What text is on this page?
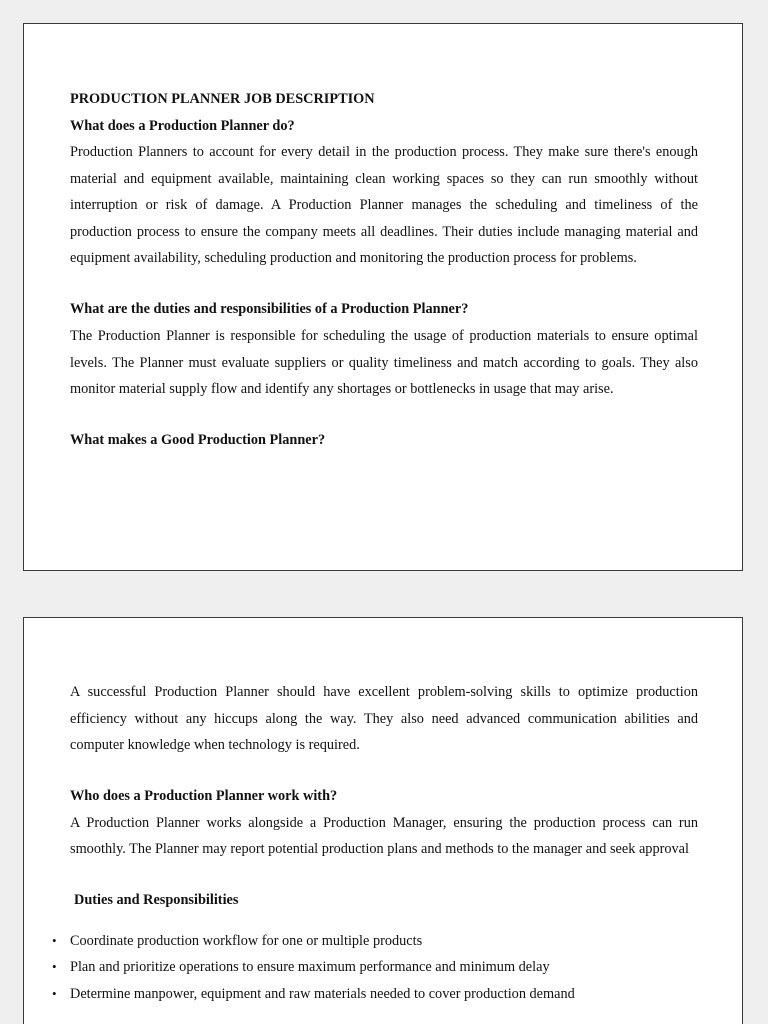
PRODUCTION PLANNER JOB DESCRIPTION

What does a Production Planner do?

Production Planners to account for every detail in the production process. They make sure there's enough material and equipment available, maintaining clean working spaces so they can run smoothly without interruption or risk of damage. A Production Planner manages the scheduling and timeliness of the production process to ensure the company meets all deadlines. Their duties include managing material and equipment availability, scheduling production and monitoring the production process for problems.

What are the duties and responsibilities of a Production Planner?

The Production Planner is responsible for scheduling the usage of production materials to ensure optimal levels. The Planner must evaluate suppliers or quality timeliness and match according to goals. They also monitor material supply flow and identify any shortages or bottlenecks in usage that may arise.

What makes a Good Production Planner?

A successful Production Planner should have excellent problem-solving skills to optimize production efficiency without any hiccups along the way. They also need advanced communication abilities and computer knowledge when technology is required.

Who does a Production Planner work with?

A Production Planner works alongside a Production Manager, ensuring the production process can run smoothly. The Planner may report potential production plans and methods to the manager and seek approval

Duties and Responsibilities

• Coordinate production workflow for one or multiple products
• Plan and prioritize operations to ensure maximum performance and minimum delay
• Determine manpower, equipment and raw materials needed to cover production demand
